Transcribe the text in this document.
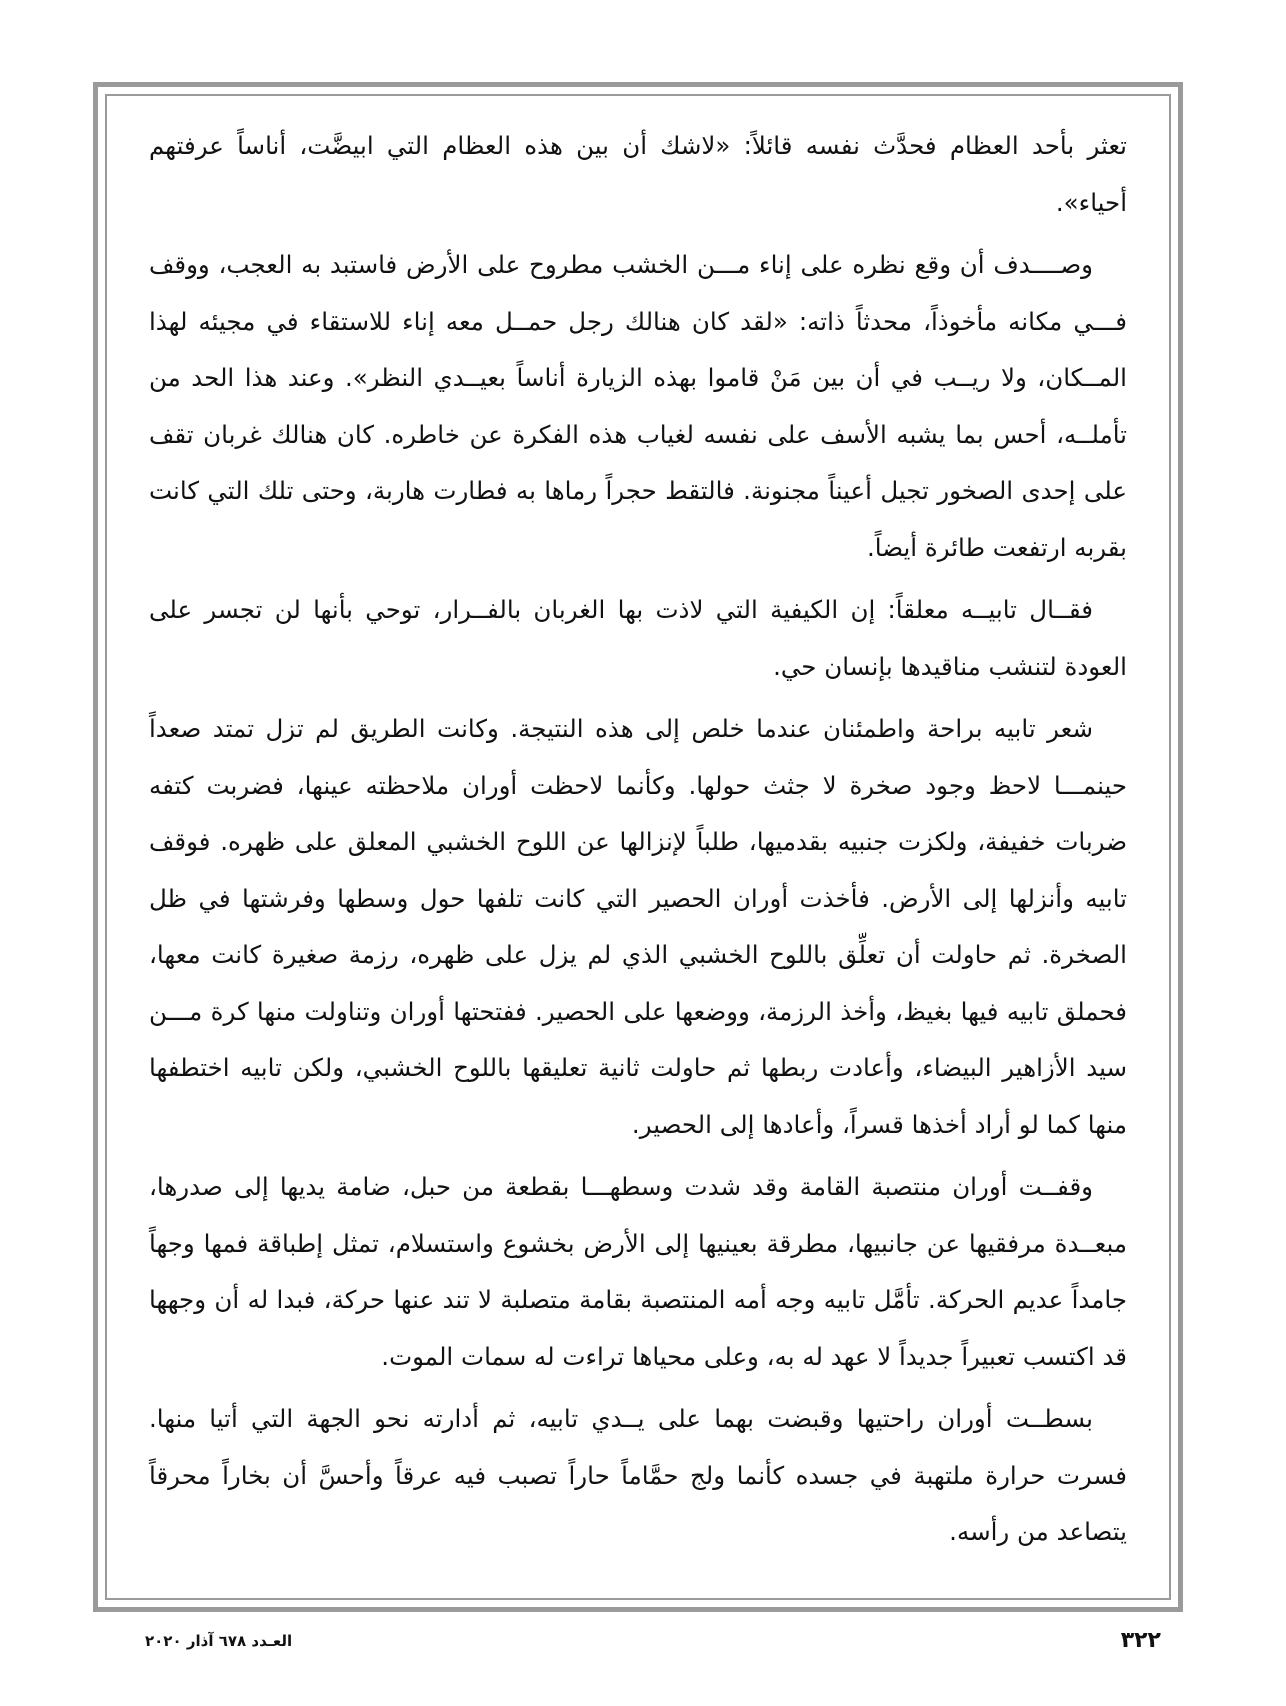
تعثر بأحد العظام فحدَّث نفسه قائلاً: «لاشك أن بين هذه العظام التي ابيضَّت، أناساً عرفتهم أحياء».

وصــــدف أن وقع نظره على إناء مـــن الخشب مطروح على الأرض فاستبد به العجب، ووقف فـــي مكانه مأخوذاً، محدثاً ذاته: «لقد كان هنالك رجل حمــل معه إناء للاستقاء في مجيئه لهذا المــكان، ولا ريــب في أن بين مَنْ قاموا بهذه الزيارة أناساً بعيــدي النظر». وعند هذا الحد من تأملــه، أحس بما يشبه الأسف على نفسه لغياب هذه الفكرة عن خاطره. كان هنالك غربان تقف على إحدى الصخور تجيل أعيناً مجنونة. فالتقط حجراً رماها به فطارت هاربة، وحتى تلك التي كانت بقربه ارتفعت طائرة أيضاً.

فقــال تابيــه معلقاً: إن الكيفية التي لاذت بها الغربان بالفــرار، توحي بأنها لن تجسر على العودة لتنشب مناقيدها بإنسان حي.

شعر تابيه براحة واطمئنان عندما خلص إلى هذه النتيجة. وكانت الطريق لم تزل تمتد صعداً حينمـــا لاحظ وجود صخرة لا جثث حولها. وكأنما لاحظت أوران ملاحظته عينها، فضربت كتفه ضربات خفيفة، ولكزت جنبيه بقدميها، طلباً لإنزالها عن اللوح الخشبي المعلق على ظهره. فوقف تابيه وأنزلها إلى الأرض. فأخذت أوران الحصير التي كانت تلفها حول وسطها وفرشتها في ظل الصخرة. ثم حاولت أن تعلِّق باللوح الخشبي الذي لم يزل على ظهره، رزمة صغيرة كانت معها، فحملق تابيه فيها بغيظ، وأخذ الرزمة، ووضعها على الحصير. ففتحتها أوران وتناولت منها كرة مـــن سيد الأزاهير البيضاء، وأعادت ربطها ثم حاولت ثانية تعليقها باللوح الخشبي، ولكن تابيه اختطفها منها كما لو أراد أخذها قسراً، وأعادها إلى الحصير.

وقفــت أوران منتصبة القامة وقد شدت وسطهـــا بقطعة من حبل، ضامة يديها إلى صدرها، مبعــدة مرفقيها عن جانبيها، مطرقة بعينيها إلى الأرض بخشوع واستسلام، تمثل إطباقة فمها وجهاً جامداً عديم الحركة. تأمَّل تابيه وجه أمه المنتصبة بقامة متصلبة لا تند عنها حركة، فبدا له أن وجهها قد اكتسب تعبيراً جديداً لا عهد له به، وعلى محياها تراءت له سمات الموت.

بسطــت أوران راحتيها وقبضت بهما على يــدي تابيه، ثم أدارته نحو الجهة التي أتيا منها. فسرت حرارة ملتهبة في جسده كأنما ولج حمَّاماً حاراً تصبب فيه عرقاً وأحسَّ أن بخاراً محرقاً يتصاعد من رأسه.

٣٢٢
العـدد ٦٧٨ آذار ٢٠٢٠
